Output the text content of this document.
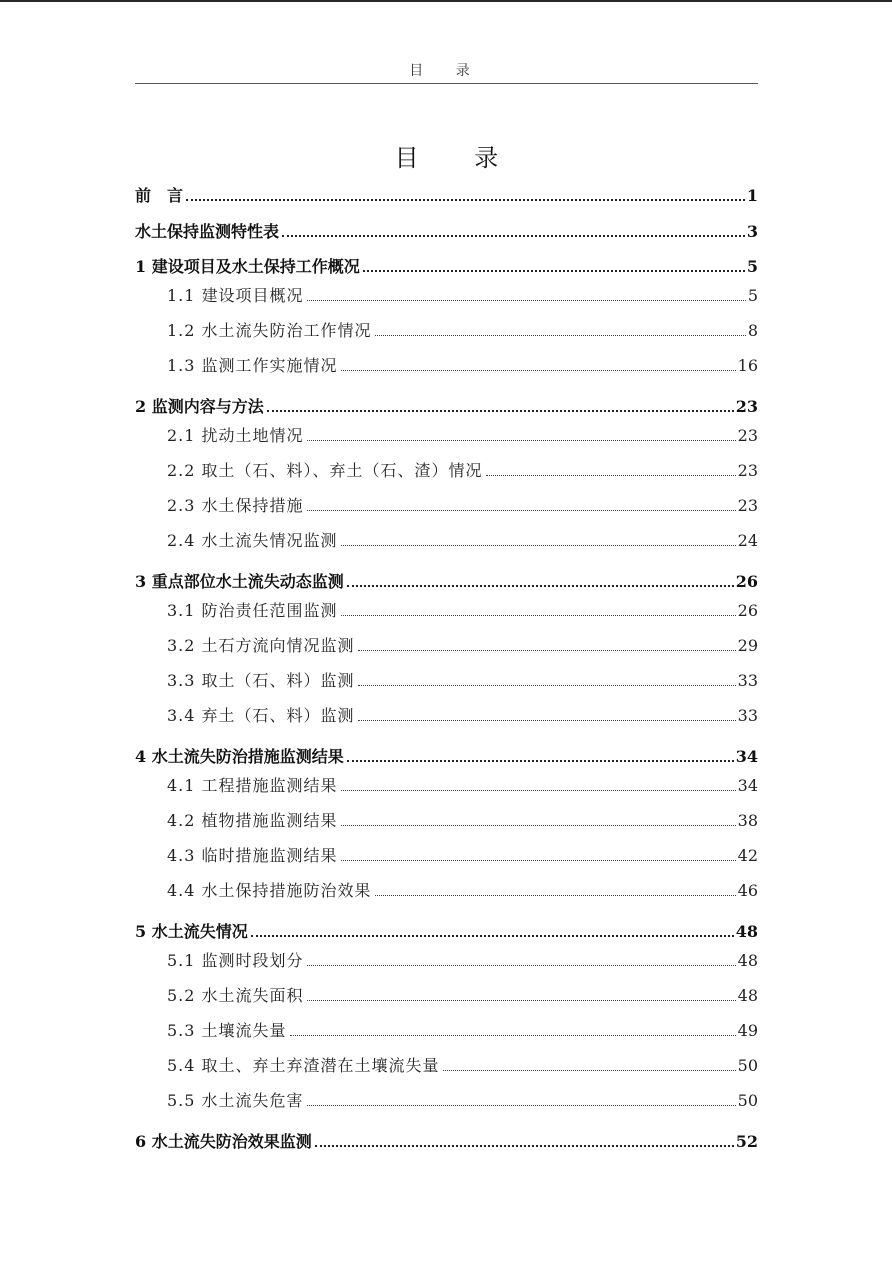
目 录
目 录
前　言	1
水土保持监测特性表	3
1 建设项目及水土保持工作概况	5
1.1 建设项目概况	5
1.2 水土流失防治工作情况	8
1.3 监测工作实施情况	16
2 监测内容与方法	23
2.1 扰动土地情况	23
2.2 取土（石、料）、弃土（石、渣）情况	23
2.3 水土保持措施	23
2.4 水土流失情况监测	24
3 重点部位水土流失动态监测	26
3.1 防治责任范围监测	26
3.2 土石方流向情况监测	29
3.3 取土（石、料）监测	33
3.4 弃土（石、料）监测	33
4 水土流失防治措施监测结果	34
4.1 工程措施监测结果	34
4.2 植物措施监测结果	38
4.3 临时措施监测结果	42
4.4 水土保持措施防治效果	46
5 水土流失情况	48
5.1 监测时段划分	48
5.2 水土流失面积	48
5.3 土壤流失量	49
5.4 取土、弃土弃渣潜在土壤流失量	50
5.5 水土流失危害	50
6 水土流失防治效果监测	52
